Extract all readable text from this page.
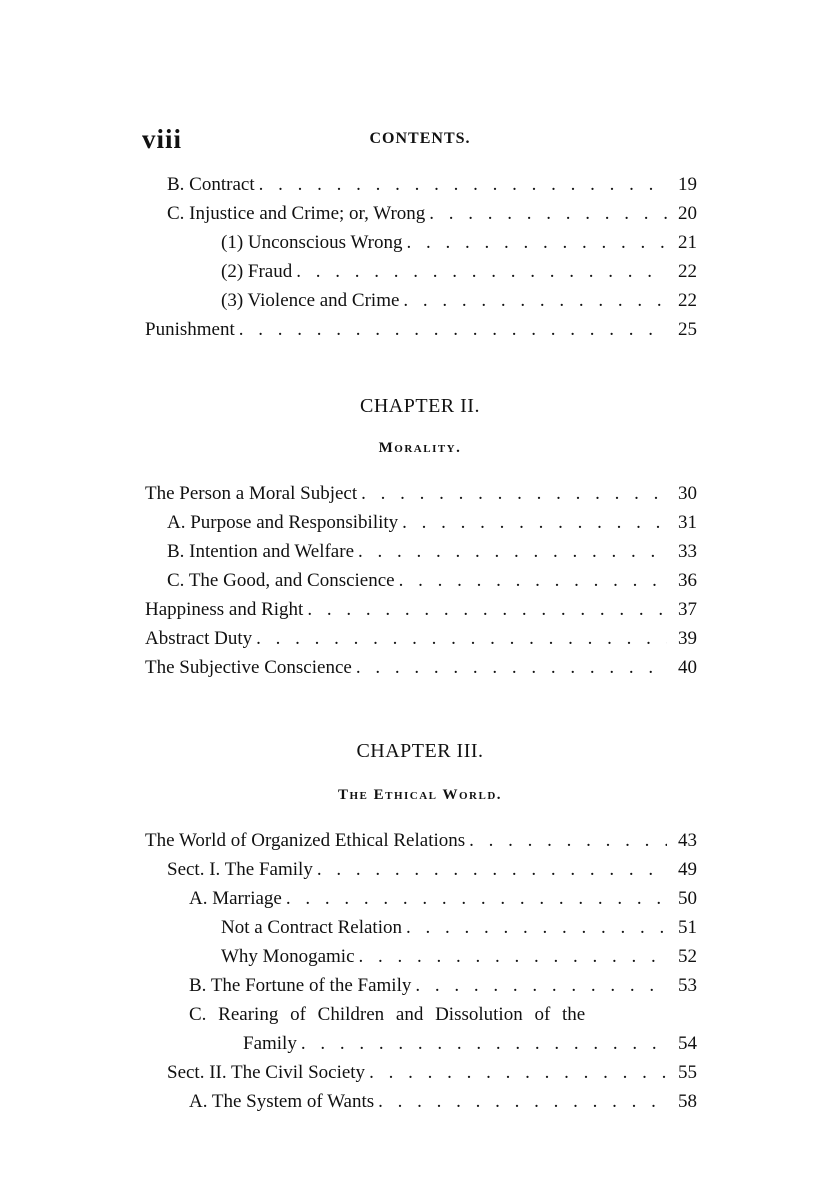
viii	CONTENTS.
B. Contract . . .	19
C. Injustice and Crime; or, Wrong . . .	20
(1) Unconscious Wrong . . .	21
(2) Fraud . . .	22
(3) Violence and Crime . . .	22
Punishment . . .	25
CHAPTER II.
Morality.
The Person a Moral Subject . . .	30
A. Purpose and Responsibility . . .	31
B. Intention and Welfare . . .	33
C. The Good, and Conscience . . .	36
Happiness and Right . . .	37
Abstract Duty . . .	39
The Subjective Conscience . . .	40
CHAPTER III.
The Ethical World.
The World of Organized Ethical Relations . . .	43
Sect. I. The Family . . .	49
A. Marriage . . .	50
Not a Contract Relation . . .	51
Why Monogamic . . .	52
B. The Fortune of the Family . . .	53
C. Rearing of Children and Dissolution of the
Family . . .	54
Sect. II. The Civil Society . . .	55
A. The System of Wants . . .	58
